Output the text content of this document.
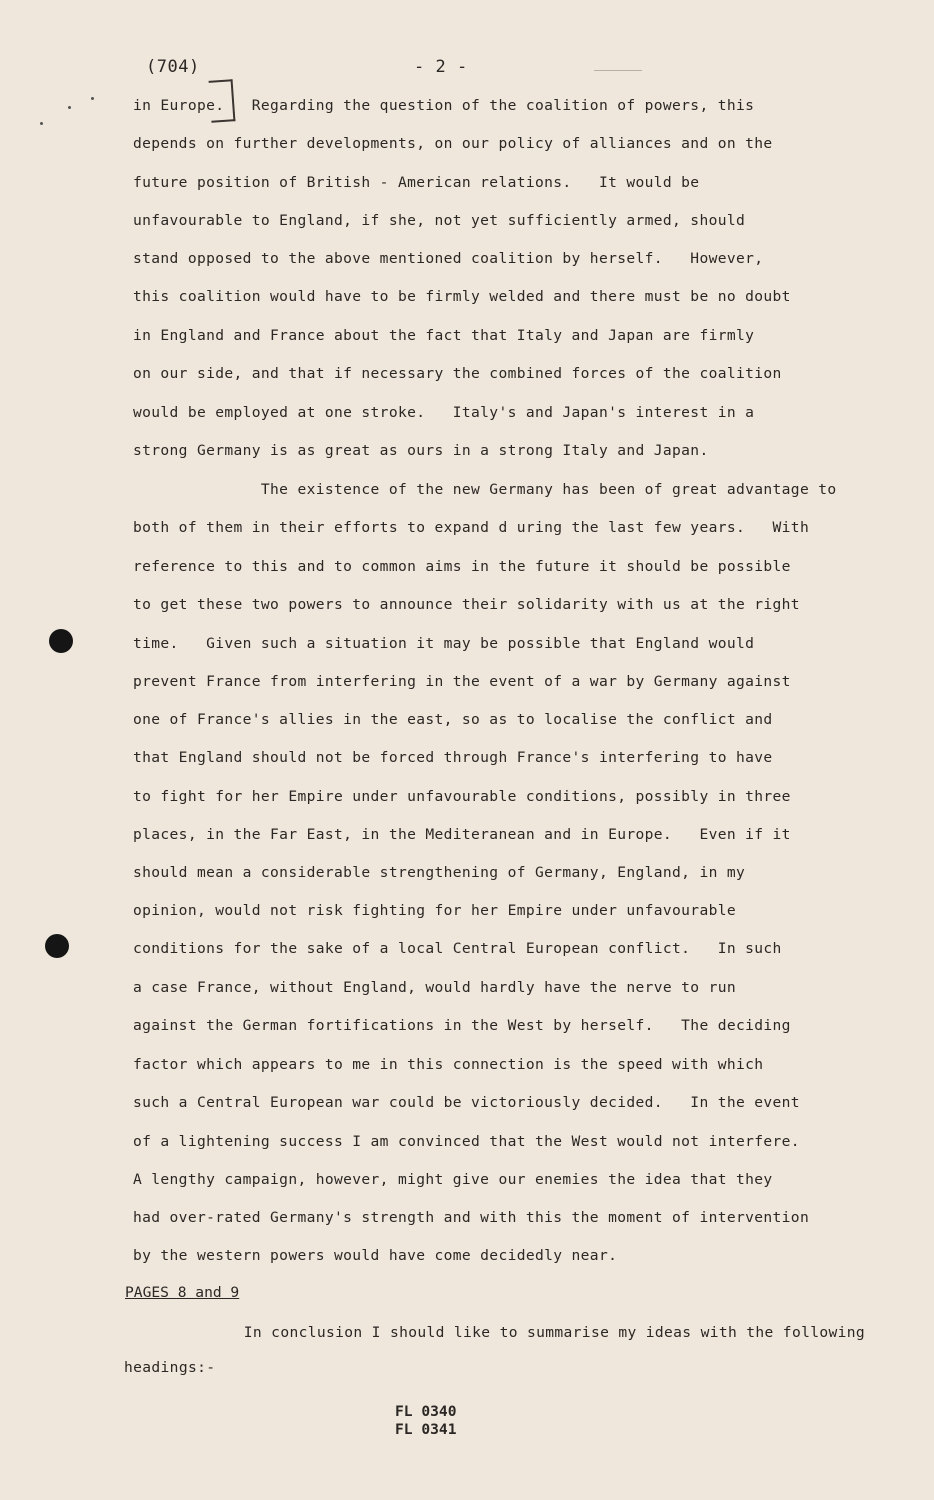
(704)	- 2 -
in Europe.   Regarding the question of the coalition of powers, this
depends on further developments, on our policy of alliances and on the
future position of British - American relations.   It would be
unfavourable to England, if she, not yet sufficiently armed, should
stand opposed to the above mentioned coalition by herself.   However,
this coalition would have to be firmly welded and there must be no doubt
in England and France about the fact that Italy and Japan are firmly
on our side, and that if necessary the combined forces of the coalition
would be employed at one stroke.   Italy's and Japan's interest in a
strong Germany is as great as ours in a strong Italy and Japan.
The existence of the new Germany has been of great advantage to
both of them in their efforts to expand d uring the last few years.   With
reference to this and to common aims in the future it should be possible
to get these two powers to announce their solidarity with us at the right
time.   Given such a situation it may be possible that England would
prevent France from interfering in the event of a war by Germany against
one of France's allies in the east, so as to localise the conflict and
that England should not be forced through France's interfering to have
to fight for her Empire under unfavourable conditions, possibly in three
places, in the Far East, in the Mediteranean and in Europe.   Even if it
should mean a considerable strengthening of Germany, England, in my
opinion, would not risk fighting for her Empire under unfavourable
conditions for the sake of a local Central European conflict.   In such
a case France, without England, would hardly have the nerve to run
against the German fortifications in the West by herself.   The deciding
factor which appears to me in this connection is the speed with which
such a Central European war could be victoriously decided.   In the event
of a lightening success I am convinced that the West would not interfere.
A lengthy campaign, however, might give our enemies the idea that they
had over-rated Germany's strength and with this the moment of intervention
by the western powers would have come decidedly near.
PAGES 8 and 9
In conclusion I should like to summarise my ideas with the following
headings:-
FL 0340
FL 0341
